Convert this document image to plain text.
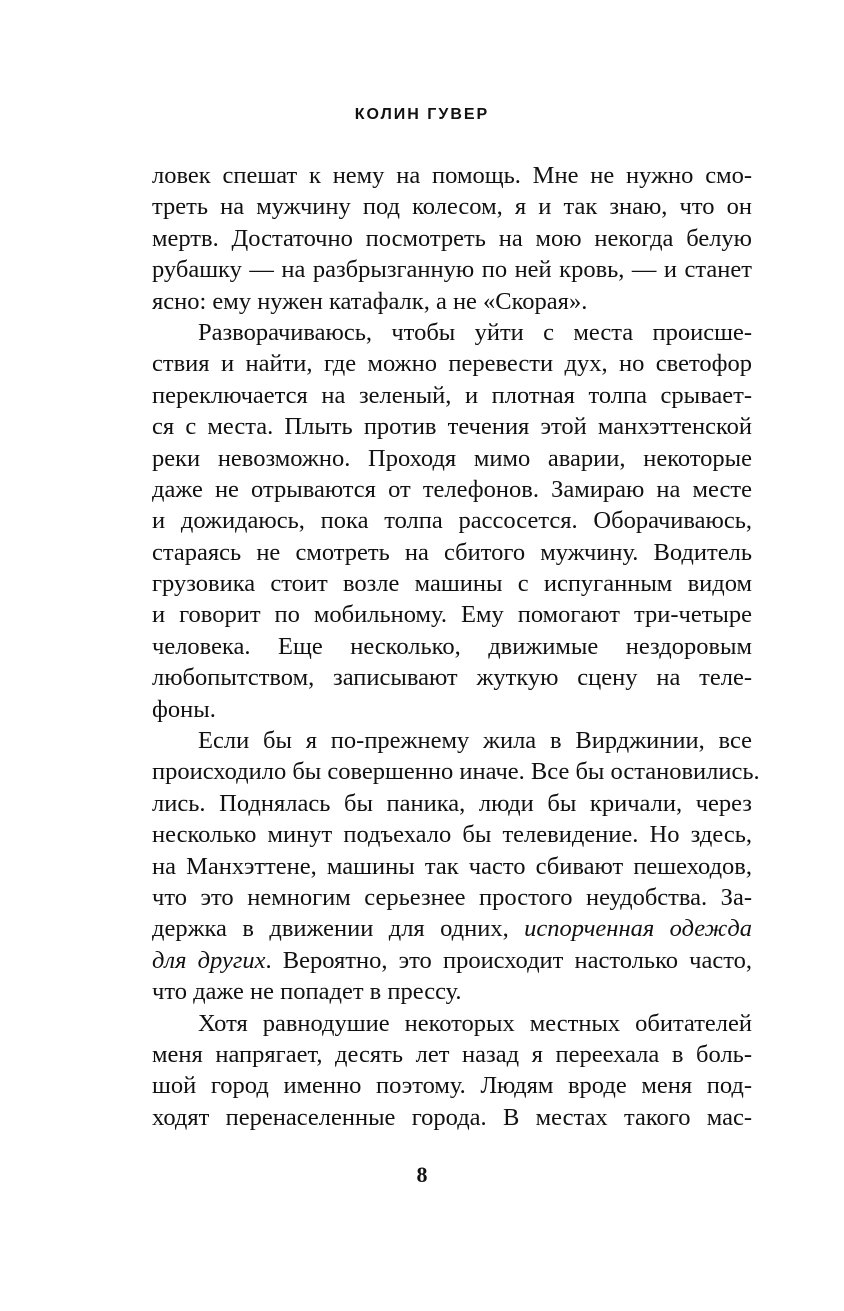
КОЛИН ГУВЕР
ловек спешат к нему на помощь. Мне не нужно смо-
треть на мужчину под колесом, я и так знаю, что он
мертв. Достаточно посмотреть на мою некогда белую
рубашку — на разбрызганную по ней кровь, — и станет
ясно: ему нужен катафалк, а не «Скорая».
Разворачиваюсь, чтобы уйти с места происше-
ствия и найти, где можно перевести дух, но светофор
переключается на зеленый, и плотная толпа срывает-
ся с места. Плыть против течения этой манхэттенской
реки невозможно. Проходя мимо аварии, некоторые
даже не отрываются от телефонов. Замираю на месте
и дожидаюсь, пока толпа рассосется. Оборачиваюсь,
стараясь не смотреть на сбитого мужчину. Водитель
грузовика стоит возле машины с испуганным видом
и говорит по мобильному. Ему помогают три-четыре
человека. Еще несколько, движимые нездоровым
любопытством, записывают жуткую сцену на теле-
фоны.
Если бы я по-прежнему жила в Вирджинии, все
происходило бы совершенно иначе. Все бы остановились.
лись. Поднялась бы паника, люди бы кричали, через
несколько минут подъехало бы телевидение. Но здесь,
на Манхэттене, машины так часто сбивают пешеходов,
что это немногим серьезнее простого неудобства. За-
держка в движении для одних, испорченная одежда
для других. Вероятно, это происходит настолько часто,
что даже не попадет в прессу.
Хотя равнодушие некоторых местных обитателей
меня напрягает, десять лет назад я переехала в боль-
шой город именно поэтому. Людям вроде меня под-
ходят перенаселенные города. В местах такого мас-
8
